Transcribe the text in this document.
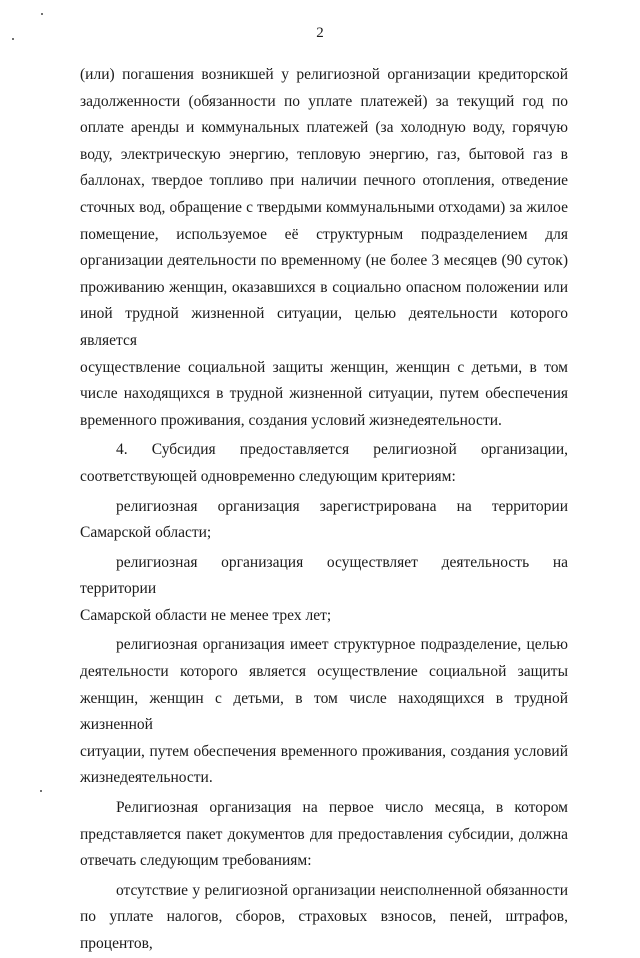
2

(или) погашения возникшей у религиозной организации кредиторской

задолженности (обязанности по уплате платежей) за текущий год по

оплате аренды и коммунальных платежей (за холодную воду, горячую

воду, электрическую энергию, тепловую энергию, газ, бытовой газ в

баллонах, твердое топливо при наличии печного отопления, отведение

сточных вод, обращение с твердыми коммунальными отходами) за жилое

помещение, используемое её структурным подразделением для

организации деятельности по временному (не более 3 месяцев (90 суток)

проживанию женщин, оказавшихся в социально опасном положении или

иной трудной жизненной ситуации, целью деятельности которого является

осуществление социальной защиты женщин, женщин с детьми, в том

числе находящихся в трудной жизненной ситуации, путем обеспечения

временного проживания, создания условий жизнедеятельности.

4. Субсидия предоставляется религиозной организации,

соответствующей одновременно следующим критериям:

религиозная организация зарегистрирована на территории

Самарской области;

религиозная организация осуществляет деятельность на территории

Самарской области не менее трех лет;

религиозная организация имеет структурное подразделение, целью

деятельности которого является осуществление социальной защиты

женщин, женщин с детьми, в том числе находящихся в трудной жизненной

ситуации, путем обеспечения временного проживания, создания условий

жизнедеятельности.

Религиозная организация на первое число месяца, в котором

представляется пакет документов для предоставления субсидии, должна

отвечать следующим требованиям:

отсутствие у религиозной организации неисполненной обязанности

по уплате налогов, сборов, страховых взносов, пеней, штрафов, процентов,
